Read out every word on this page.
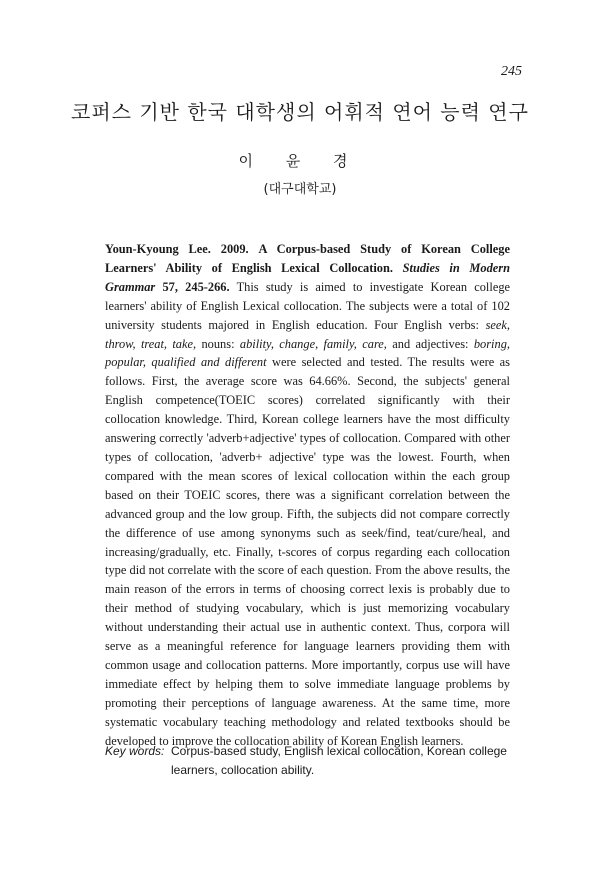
245
코퍼스 기반 한국 대학생의 어휘적 연어 능력 연구
이 윤 경
(대구대학교)

Youn-Kyoung Lee. 2009. A Corpus-based Study of Korean College Learners' Ability of English Lexical Collocation. Studies in Modern Grammar 57, 245-266. This study is aimed to investigate Korean college learners' ability of English Lexical collocation. The subjects were a total of 102 university students majored in English education. Four English verbs: seek, throw, treat, take, nouns: ability, change, family, care, and adjectives: boring, popular, qualified and different were selected and tested. The results were as follows. First, the average score was 64.66%. Second, the subjects' general English competence(TOEIC scores) correlated significantly with their collocation knowledge. Third, Korean college learners have the most difficulty answering correctly 'adverb+adjective' types of collocation. Compared with other types of collocation, 'adverb+ adjective' type was the lowest. Fourth, when compared with the mean scores of lexical collocation within the each group based on their TOEIC scores, there was a significant correlation between the advanced group and the low group. Fifth, the subjects did not compare correctly the difference of use among synonyms such as seek/find, teat/cure/heal, and increasing/gradually, etc. Finally, t-scores of corpus regarding each collocation type did not correlate with the score of each question. From the above results, the main reason of the errors in terms of choosing correct lexis is probably due to their method of studying vocabulary, which is just memorizing vocabulary without understanding their actual use in authentic context. Thus, corpora will serve as a meaningful reference for language learners providing them with common usage and collocation patterns. More importantly, corpus use will have immediate effect by helping them to solve immediate language problems by promoting their perceptions of language awareness. At the same time, more systematic vocabulary teaching methodology and related textbooks should be developed to improve the collocation ability of Korean English learners.

Key words: Corpus-based study, English lexical collocation, Korean college learners, collocation ability.
